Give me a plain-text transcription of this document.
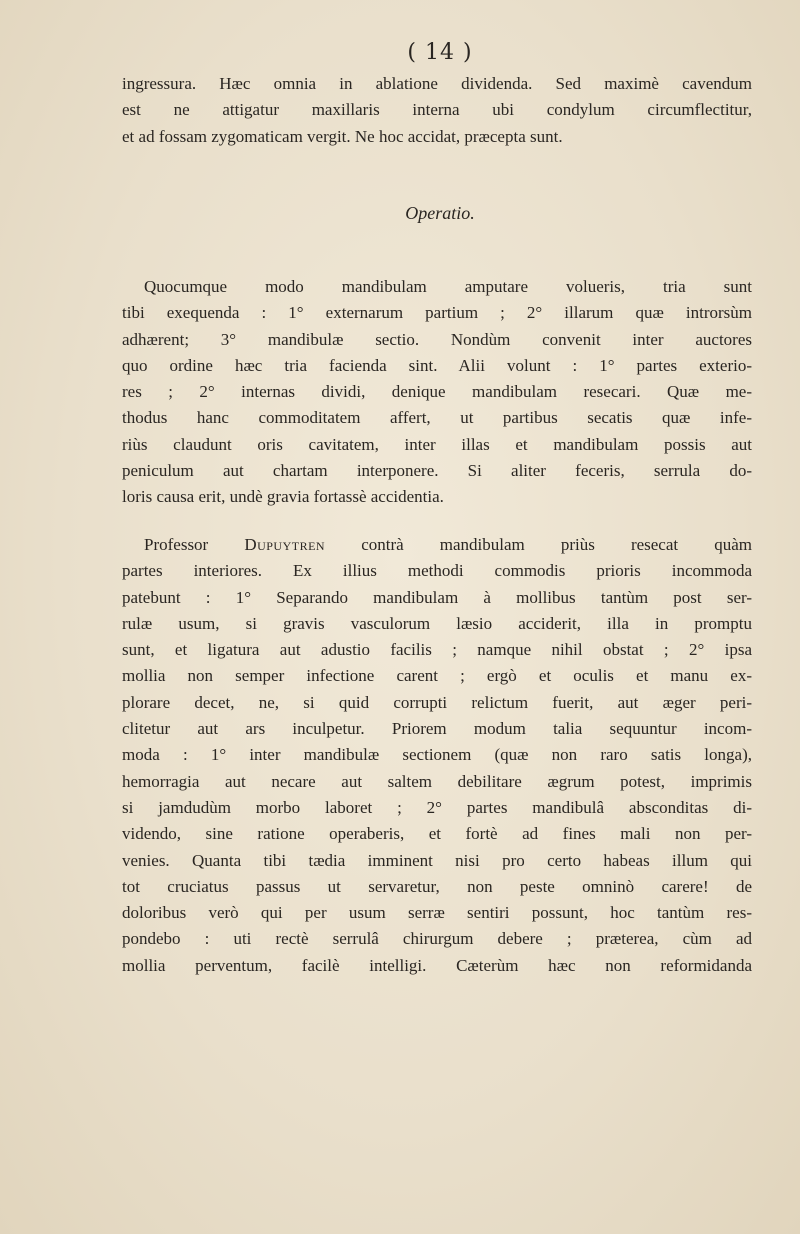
( 14 )
ingressura. Hæc omnia in ablatione dividenda. Sed maximè cavendum
est ne attigatur maxillaris interna ubi condylum circumflectitur,
et ad fossam zygomaticam vergit. Ne hoc accidat, præcepta sunt.
Operatio.
Quocumque modo mandibulam amputare volueris, tria sunt
tibi exequenda : 1° externarum partium ; 2° illarum quæ introrsùm
adhærent; 3° mandibulæ sectio. Nondùm convenit inter auctores
quo ordine hæc tria facienda sint. Alii volunt : 1° partes exterio-
res ; 2° internas dividi, denique mandibulam resecari. Quæ me-
thodus hanc commoditatem affert, ut partibus secatis quæ infe-
riùs claudunt oris cavitatem, inter illas et mandibulam possis aut
peniculum aut chartam interponere. Si aliter feceris, serrula do-
loris causa erit, undè gravia fortassè accidentia.
Professor Dupuytren contrà mandibulam priùs resecat quàm
partes interiores. Ex illius methodi commodis prioris incommoda
patebunt : 1° Separando mandibulam à mollibus tantùm post ser-
rulæ usum, si gravis vasculorum læsio acciderit, illa in promptu
sunt, et ligatura aut adustio facilis ; namque nihil obstat ; 2° ipsa
mollia non semper infectione carent ; ergò et oculis et manu ex-
plorare decet, ne, si quid corrupti relictum fuerit, aut æger peri-
clitetur aut ars inculpetur. Priorem modum talia sequuntur incom-
moda : 1° inter mandibulæ sectionem (quæ non raro satis longa),
hemorragia aut necare aut saltem debilitare ægrum potest, imprimis
si jamdudùm morbo laboret ; 2° partes mandibulâ absconditas di-
videndo, sine ratione operaberis, et fortè ad fines mali non per-
venies. Quanta tibi tædia imminent nisi pro certo habeas illum qui
tot cruciatus passus ut servaretur, non peste omninò carere! de
doloribus verò qui per usum serræ sentiri possunt, hoc tantùm res-
pondebo : uti rectè serrulâ chirurgum debere ; præterea, cùm ad
mollia perventum, facilè intelligi. Cæterùm hæc non reformidanda
